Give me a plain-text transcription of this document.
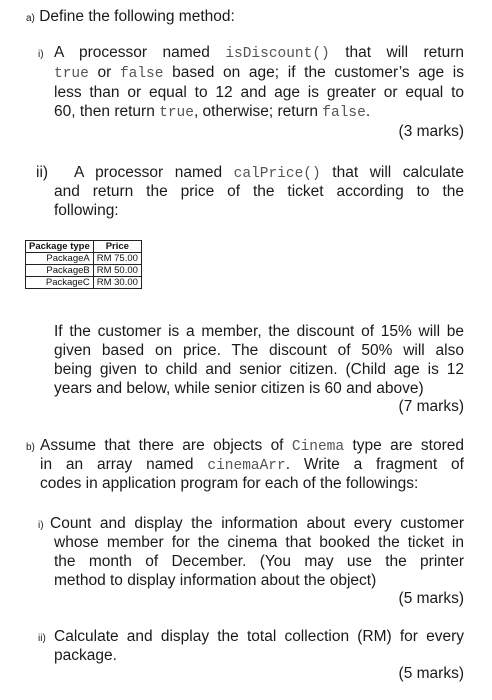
a) Define the following method:
i) A processor named isDiscount() that will return
true or false based on age; if the customer’s age is
less than or equal to 12 and age is greater or equal to
60, then return true, otherwise; return false.
(3 marks)
ii) A processor named calPrice() that will calculate
and return the price of the ticket according to the
following:
Package type	Price
PackageA	RM 75.00
PackageB	RM 50.00
PackageC	RM 30.00
If the customer is a member, the discount of 15% will be
given based on price. The discount of 50% will also
being given to child and senior citizen. (Child age is 12
years and below, while senior citizen is 60 and above)
(7 marks)
b) Assume that there are objects of Cinema type are stored
in an array named cinemaArr. Write a fragment of
codes in application program for each of the followings:
i) Count and display the information about every customer
whose member for the cinema that booked the ticket in
the month of December. (You may use the printer
method to display information about the object)
(5 marks)
ii) Calculate and display the total collection (RM) for every
package.
(5 marks)
